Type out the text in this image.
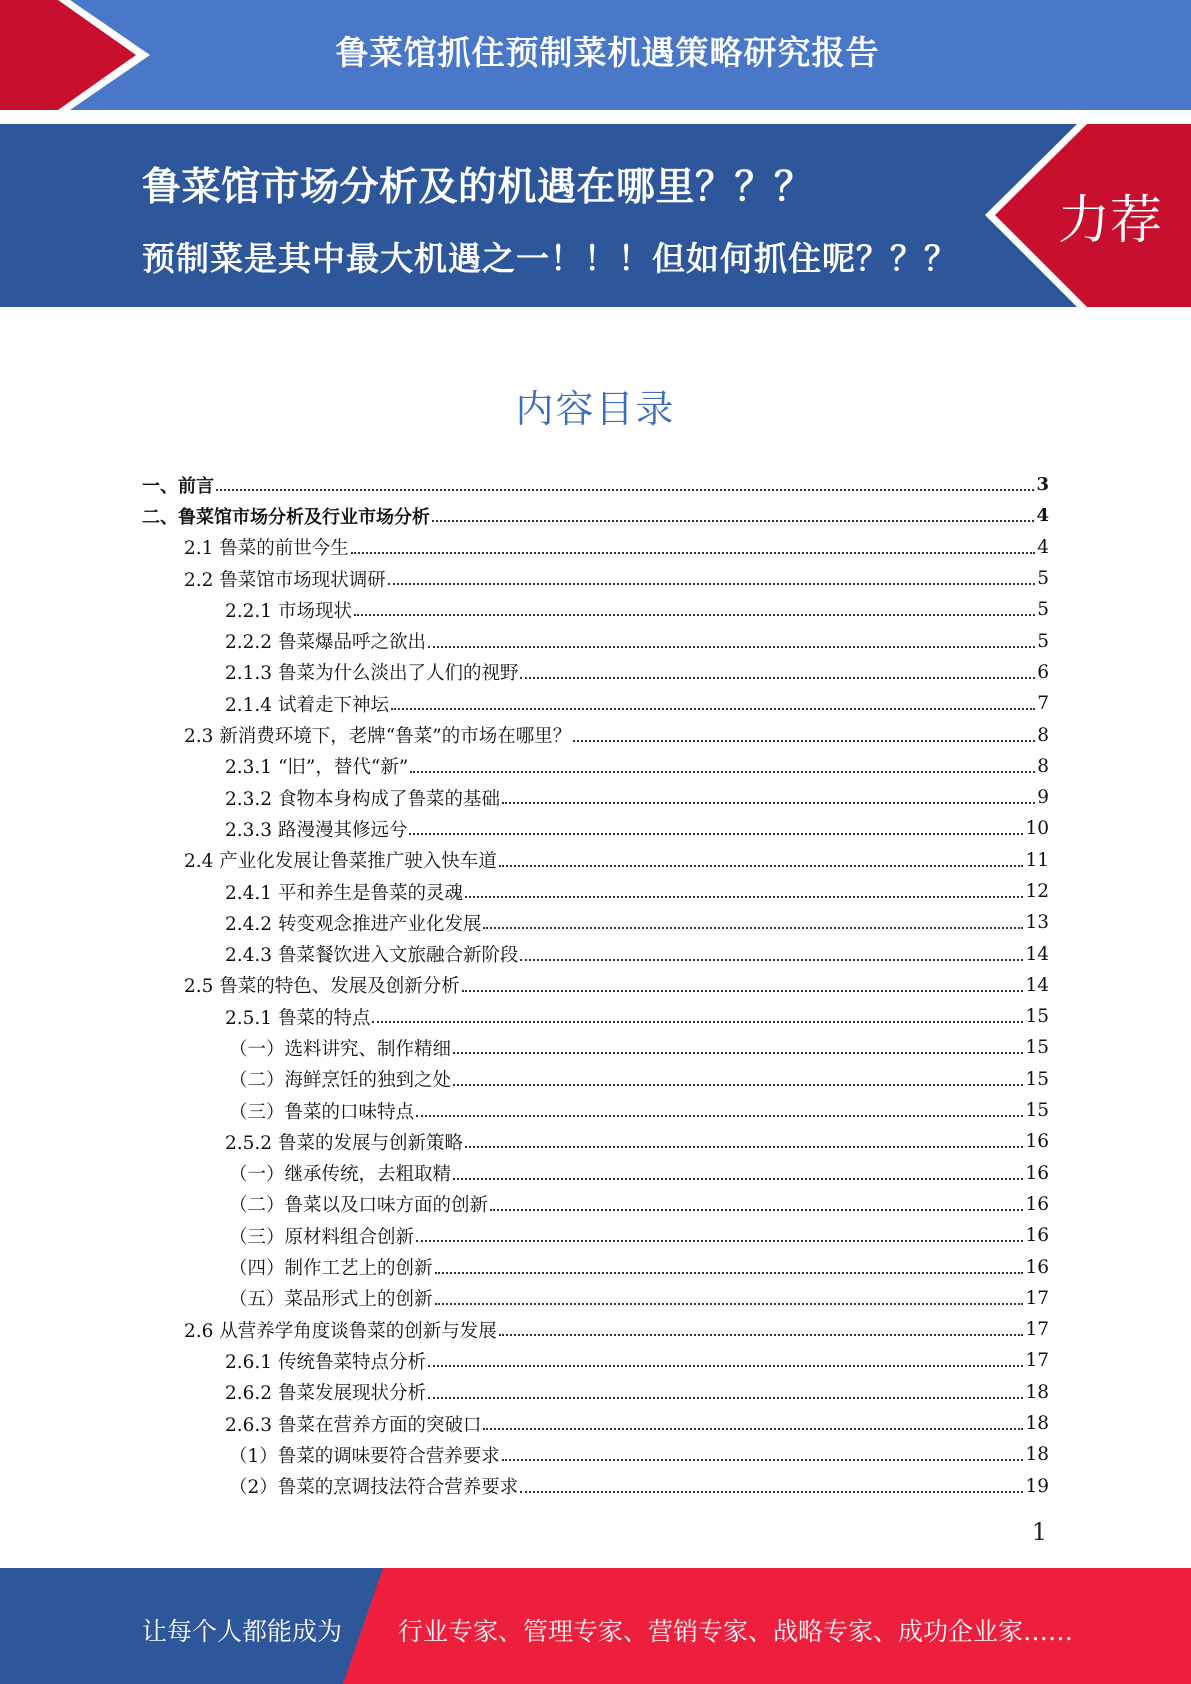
鲁菜馆抓住预制菜机遇策略研究报告
鲁菜馆市场分析及的机遇在哪里？？？
预制菜是其中最大机遇之一！！！但如何抓住呢？？？
力荐
内容目录
一、前言	3
二、鲁菜馆市场分析及行业市场分析	4
2.1 鲁菜的前世今生	4
2.2 鲁菜馆市场现状调研	5
2.2.1 市场现状	5
2.2.2 鲁菜爆品呼之欲出	5
2.1.3 鲁菜为什么淡出了人们的视野	6
2.1.4 试着走下神坛	7
2.3 新消费环境下，老牌“鲁菜”的市场在哪里？	8
2.3.1 “旧”，替代“新”	8
2.3.2 食物本身构成了鲁菜的基础	9
2.3.3 路漫漫其修远兮	10
2.4 产业化发展让鲁菜推广驶入快车道	11
2.4.1 平和养生是鲁菜的灵魂	12
2.4.2 转变观念推进产业化发展	13
2.4.3 鲁菜餐饮进入文旅融合新阶段	14
2.5 鲁菜的特色、发展及创新分析	14
2.5.1 鲁菜的特点	15
（一）选料讲究、制作精细	15
（二）海鲜烹饪的独到之处	15
（三）鲁菜的口味特点	15
2.5.2 鲁菜的发展与创新策略	16
（一）继承传统，去粗取精	16
（二）鲁菜以及口味方面的创新	16
（三）原材料组合创新	16
（四）制作工艺上的创新	16
（五）菜品形式上的创新	17
2.6 从营养学角度谈鲁菜的创新与发展	17
2.6.1 传统鲁菜特点分析	17
2.6.2 鲁菜发展现状分析	18
2.6.3 鲁菜在营养方面的突破口	18
（1）鲁菜的调味要符合营养要求	18
（2）鲁菜的烹调技法符合营养要求	19
1
让每个人都能成为 行业专家、管理专家、营销专家、战略专家、成功企业家……
